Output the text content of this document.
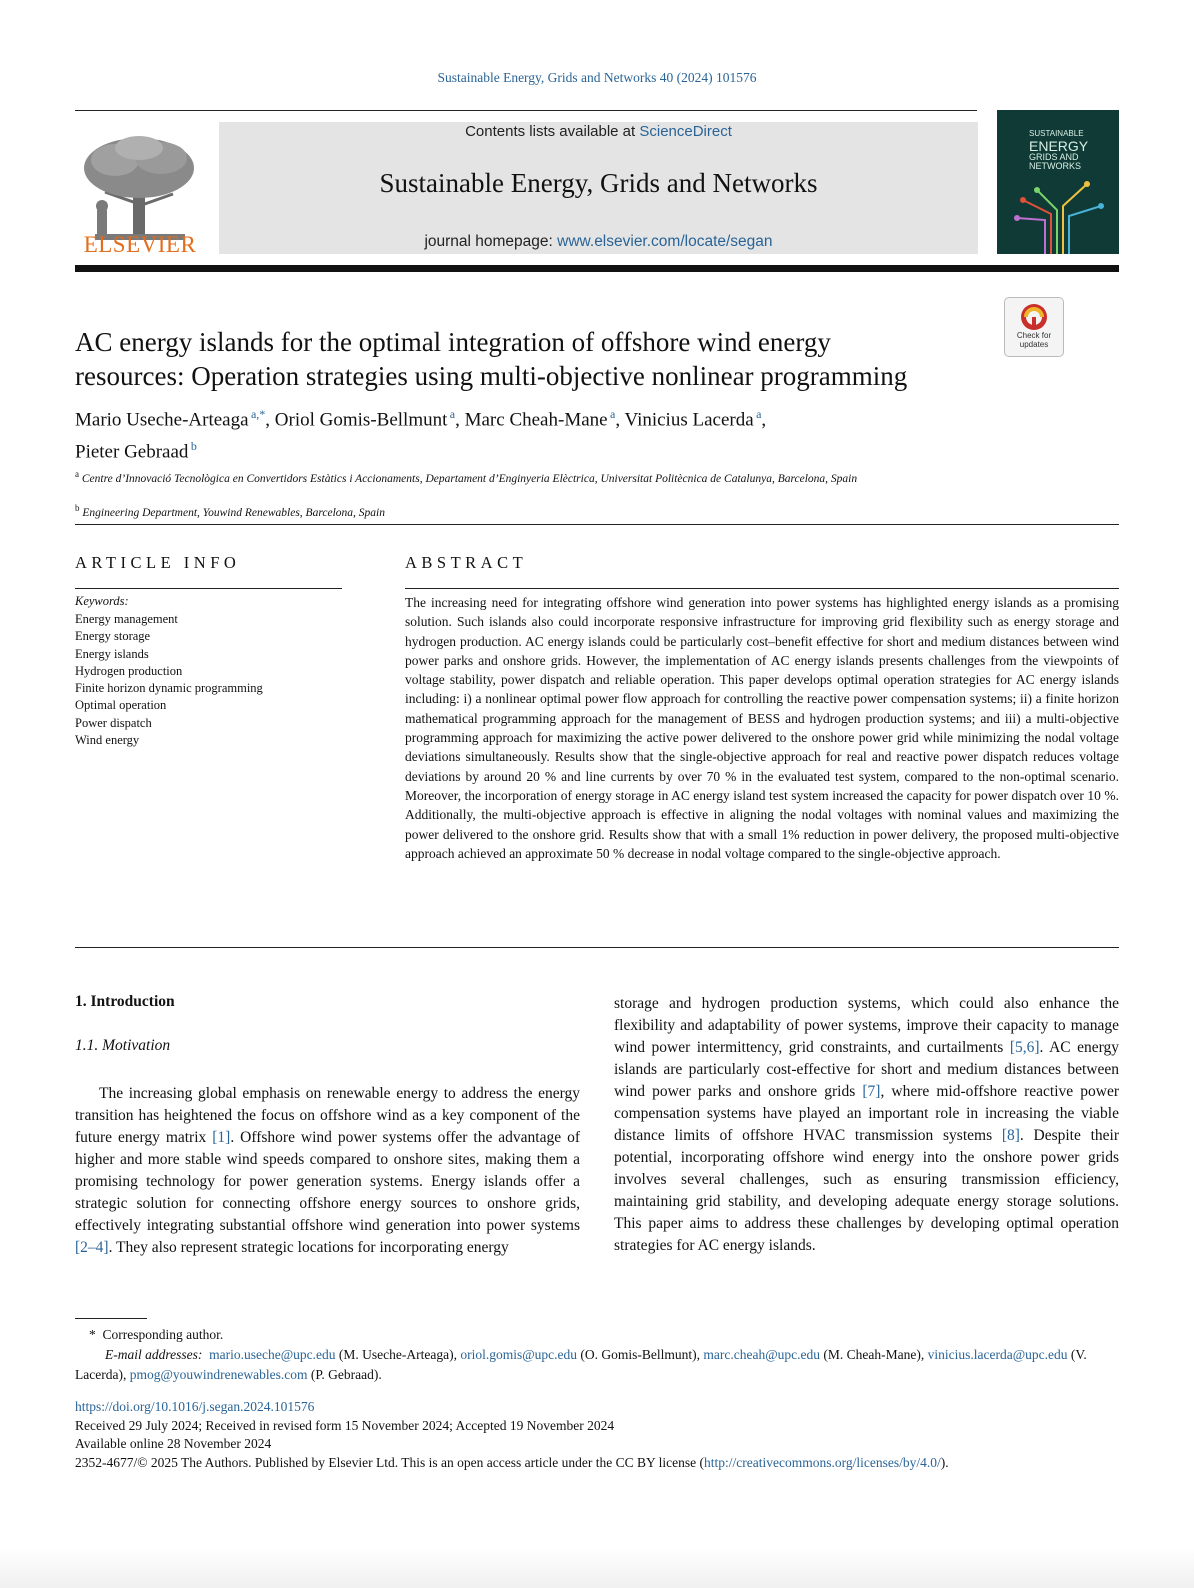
Sustainable Energy, Grids and Networks 40 (2024) 101576
ELSEVIER
Contents lists available at ScienceDirect
Sustainable Energy, Grids and Networks
journal homepage: www.elsevier.com/locate/segan
SUSTAINABLE
ENERGY
GRIDS AND
NETWORKS
Check for
updates
AC energy islands for the optimal integration of offshore wind energy
resources: Operation strategies using multi-objective nonlinear programming
Mario Useche-Arteaga  $^{a,*}$, Oriol Gomis-Bellmunt  $^a$, Marc Cheah-Mane  $^a$, Vinicius Lacerda  $^a$,
Pieter Gebraad  $^b$
$^a$ Centre d’Innovació Tecnològica en Convertidors Estàtics i Accionaments, Departament d’Enginyeria Elèctrica, Universitat Politècnica de Catalunya, Barcelona, Spain
$^b$ Engineering Department, Youwind Renewables, Barcelona, Spain
ARTICLE INFO
Keywords:
Energy management
Energy storage
Energy islands
Hydrogen production
Finite horizon dynamic programming
Optimal operation
Power dispatch
Wind energy
ABSTRACT
The increasing need for integrating offshore wind generation into power systems has highlighted energy islands as a promising solution. Such islands also could incorporate responsive infrastructure for improving grid flexibility such as energy storage and hydrogen production. AC energy islands could be particularly cost–benefit effective for short and medium distances between wind power parks and onshore grids. However, the implementation of AC energy islands presents challenges from the viewpoints of voltage stability, power dispatch and reliable operation. This paper develops optimal operation strategies for AC energy islands including: i) a nonlinear optimal power flow approach for controlling the reactive power compensation systems; ii) a finite horizon mathematical programming approach for the management of BESS and hydrogen production systems; and iii) a multi-objective programming approach for maximizing the active power delivered to the onshore power grid while minimizing the nodal voltage deviations simultaneously. Results show that the single-objective approach for real and reactive power dispatch reduces voltage deviations by around 20 % and line currents by over 70 % in the evaluated test system, compared to the non-optimal scenario. Moreover, the incorporation of energy storage in AC energy island test system increased the capacity for power dispatch over 10 %. Additionally, the multi-objective approach is effective in aligning the nodal voltages with nominal values and maximizing the power delivered to the onshore grid. Results show that with a small 1% reduction in power delivery, the proposed multi-objective approach achieved an approximate 50 % decrease in nodal voltage compared to the single-objective approach.
1. Introduction
1.1. Motivation
The increasing global emphasis on renewable energy to address the energy transition has heightened the focus on offshore wind as a key component of the future energy matrix [1]. Offshore wind power systems offer the advantage of higher and more stable wind speeds compared to onshore sites, making them a promising technology for power generation systems. Energy islands offer a strategic solution for connecting offshore energy sources to onshore grids, effectively integrating substantial offshore wind generation into power systems [2–4]. They also represent strategic locations for incorporating energy
storage and hydrogen production systems, which could also enhance the flexibility and adaptability of power systems, improve their capacity to manage wind power intermittency, grid constraints, and curtailments [5,6]. AC energy islands are particularly cost-effective for short and medium distances between wind power parks and onshore grids [7], where mid-offshore reactive power compensation systems have played an important role in increasing the viable distance limits of offshore HVAC transmission systems [8]. Despite their potential, incorporating offshore wind energy into the onshore power grids involves several challenges, such as ensuring transmission efficiency, maintaining grid stability, and developing adequate energy storage solutions. This paper aims to address these challenges by developing optimal operation strategies for AC energy islands.
* Corresponding author.
E-mail addresses: mario.useche@upc.edu (M. Useche-Arteaga), oriol.gomis@upc.edu (O. Gomis-Bellmunt), marc.cheah@upc.edu (M. Cheah-Mane), vinicius.lacerda@upc.edu (V. Lacerda), pmog@youwindrenewables.com (P. Gebraad).
https://doi.org/10.1016/j.segan.2024.101576
Received 29 July 2024; Received in revised form 15 November 2024; Accepted 19 November 2024
Available online 28 November 2024
2352-4677/© 2025 The Authors. Published by Elsevier Ltd. This is an open access article under the CC BY license (http://creativecommons.org/licenses/by/4.0/).
